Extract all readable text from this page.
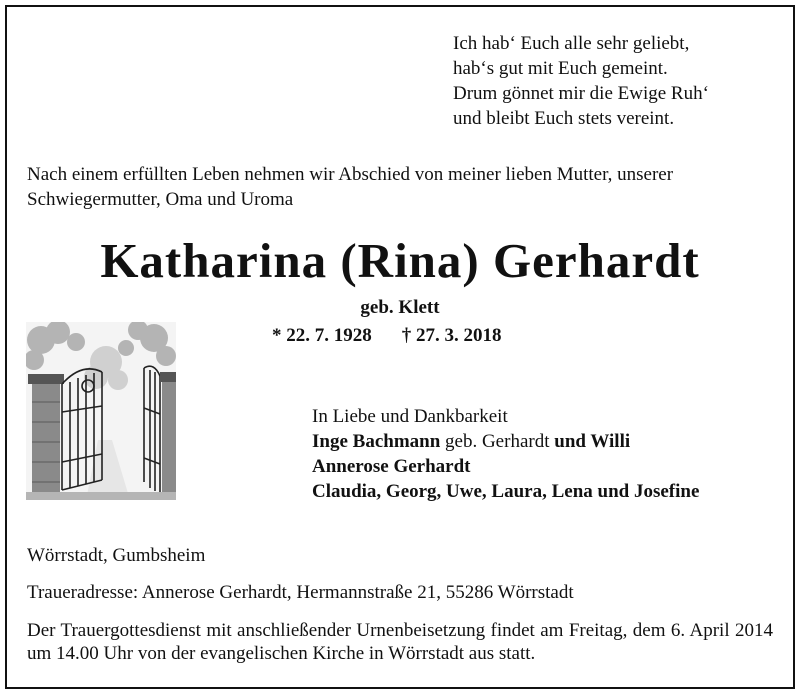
Ich hab‘ Euch alle sehr geliebt,
hab‘s gut mit Euch gemeint.
Drum gönnet mir die Ewige Ruh‘
und bleibt Euch stets vereint.
Nach einem erfüllten Leben nehmen wir Abschied von meiner lieben Mutter, unserer Schwiegermutter, Oma und Uroma
Katharina (Rina) Gerhardt
geb. Klett
* 22. 7. 1928 † 27. 3. 2018
In Liebe und Dankbarkeit
Inge Bachmann geb. Gerhardt und Willi
Annerose Gerhardt
Claudia, Georg, Uwe, Laura, Lena und Josefine
Wörrstadt, Gumbsheim
Traueradresse: Annerose Gerhardt, Hermannstraße 21, 55286 Wörrstadt
Der Trauergottesdienst mit anschließender Urnenbeisetzung findet am Freitag, dem 6. April 2014 um 14.00 Uhr von der evangelischen Kirche in Wörrstadt aus statt.
